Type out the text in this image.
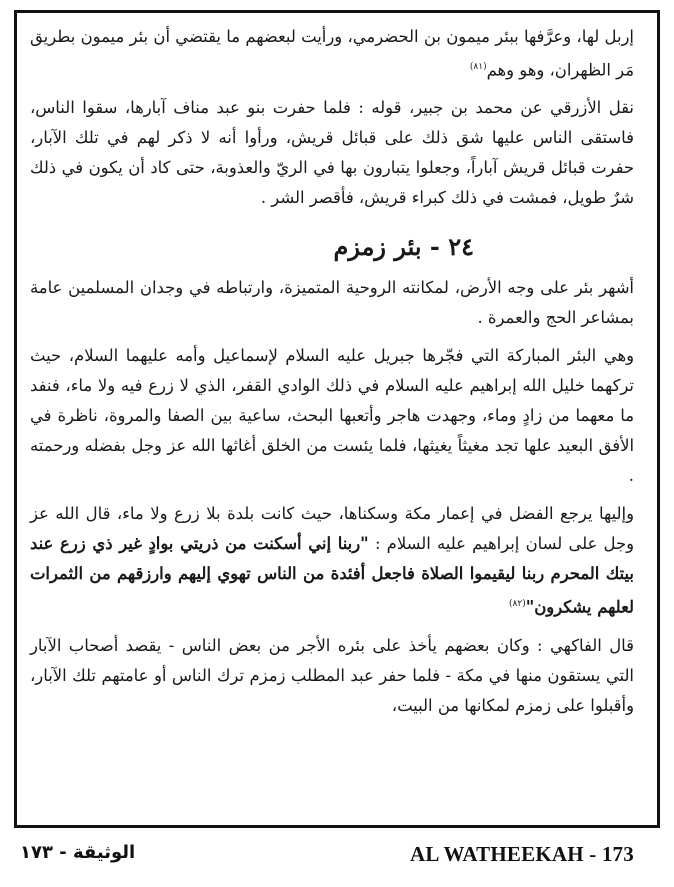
إربل لها، وعرَّفها ببئر ميمون بن الحضرمي، ورأيت لبعضهم ما يقتضي أن بئر ميمون بطريق مَر الظهران، وهو وهم$^{(٨١)}$

نقل الأزرقي عن محمد بن جبير، قوله : فلما حفرت بنو عبد مناف آبارها، سقوا الناس، فاستقى الناس عليها شق ذلك على قبائل قريش، ورأوا أنه لا ذكر لهم في تلك الآبار، حفرت قبائل قريش آباراً، وجعلوا يتبارون بها في الريّ والعذوبة، حتى كاد أن يكون في ذلك شرٌ طويل، فمشت في ذلك كبراء قريش، فأقصر الشر .

٢٤ - بئر زمزم

أشهر بئر على وجه الأرض، لمكانته الروحية المتميزة، وارتباطه في وجدان المسلمين عامة بمشاعر الحج والعمرة .

وهي البئر المباركة التي فجّرها جبريل عليه السلام لإسماعيل وأمه عليهما السلام، حيث تركهما خليل الله إبراهيم عليه السلام في ذلك الوادي القفر، الذي لا زرع فيه ولا ماء، فنفد ما معهما من زادٍ وماء، وجهدت هاجر وأتعبها البحث، ساعية بين الصفا والمروة، ناظرة في الأفق البعيد علها تجد مغيثاً يغيثها، فلما يئست من الخلق أغاثها الله عز وجل بفضله ورحمته .

وإليها يرجع الفضل في إعمار مكة وسكناها، حيث كانت بلدة بلا زرع ولا ماء، قال الله عز وجل على لسان إبراهيم عليه السلام : "ربنا إني أسكنت من ذريتي بوادٍ غير ذي زرع عند بيتك المحرم ربنا ليقيموا الصلاة فاجعل أفئدة من الناس تهوي إليهم وارزقهم من الثمرات لعلهم يشكرون"$^{(٨٢)}$

قال الفاكهي : وكان بعضهم يأخذ على بئره الأجر من بعض الناس - يقصد أصحاب الآبار التي يستقون منها في مكة - فلما حفر عبد المطلب زمزم ترك الناس أو عامتهم تلك الآبار، وأقبلوا على زمزم لمكانها من البيت،

الوثيقة - ١٧٣	AL WATHEEKAH - 173
